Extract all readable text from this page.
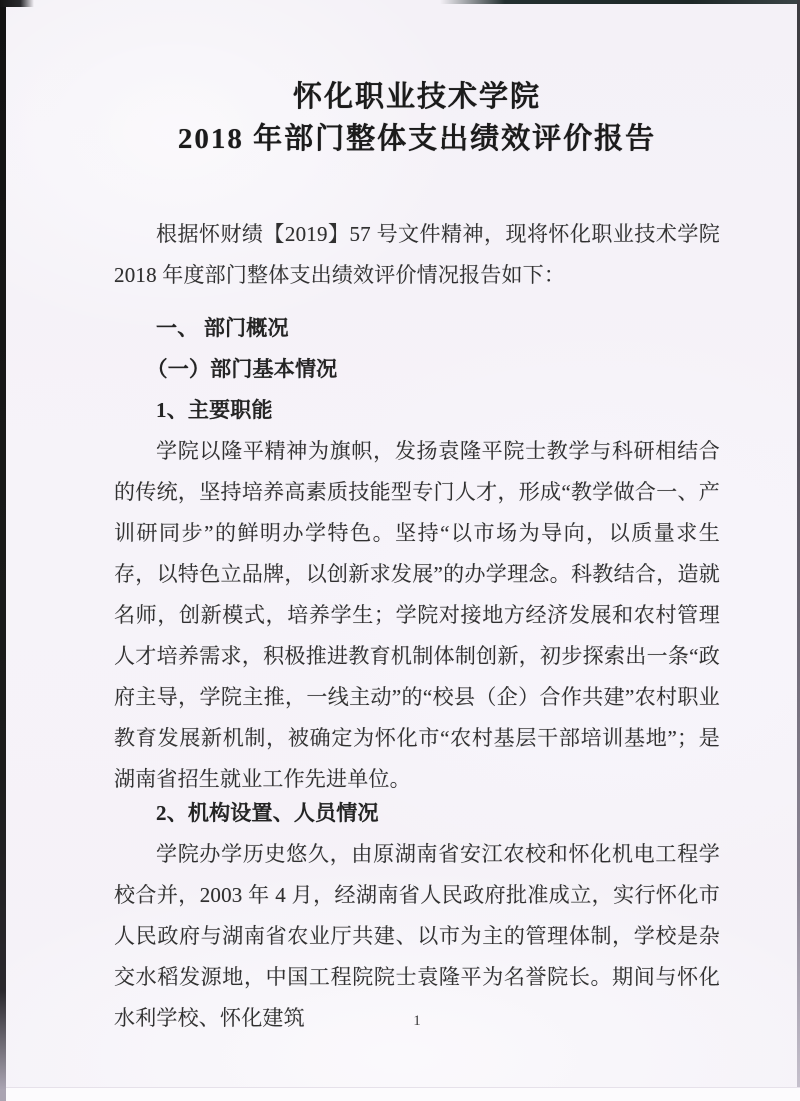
怀化职业技术学院
2018 年部门整体支出绩效评价报告

根据怀财绩【2019】57 号文件精神，现将怀化职业技术学院 2018 年度部门整体支出绩效评价情况报告如下：

一、 部门概况

（一）部门基本情况

1、主要职能

学院以隆平精神为旗帜，发扬袁隆平院士教学与科研相结合的传统，坚持培养高素质技能型专门人才，形成“教学做合一、产训研同步”的鲜明办学特色。坚持“以市场为导向，以质量求生存，以特色立品牌，以创新求发展”的办学理念。科教结合，造就名师，创新模式，培养学生；学院对接地方经济发展和农村管理人才培养需求，积极推进教育机制体制创新，初步探索出一条“政府主导，学院主推，一线主动”的“校县（企）合作共建”农村职业教育发展新机制，被确定为怀化市“农村基层干部培训基地”；是湖南省招生就业工作先进单位。

2、机构设置、人员情况

学院办学历史悠久，由原湖南省安江农校和怀化机电工程学校合并，2003 年 4 月，经湖南省人民政府批准成立，实行怀化市人民政府与湖南省农业厅共建、以市为主的管理体制，学校是杂交水稻发源地，中国工程院院士袁隆平为名誉院长。期间与怀化水利学校、怀化建筑	1
